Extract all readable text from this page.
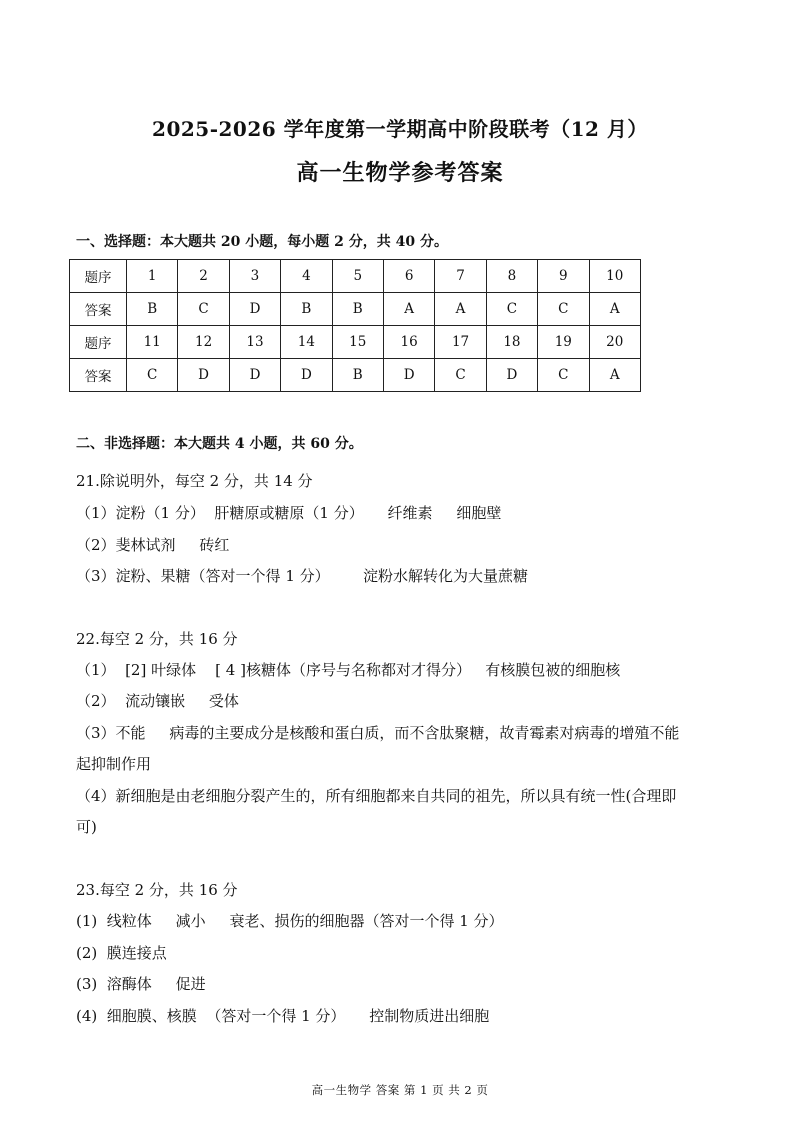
2025-2026 学年度第一学期高中阶段联考（12 月）
高一生物学参考答案
一、选择题：本大题共 20 小题，每小题 2 分，共 40 分。
题序	1	2	3	4	5	6	7	8	9	10
答案	B	C	D	B	B	A	A	C	C	A
题序	11	12	13	14	15	16	17	18	19	20
答案	C	D	D	D	B	D	C	D	C	A
二、非选择题：本大题共 4 小题，共 60 分。
21.除说明外，每空 2 分，共 14 分
（1）淀粉（1 分）  肝糖原或糖原（1 分）     纤维素     细胞壁
（2）斐林试剂     砖红
（3）淀粉、果糖（答对一个得 1 分）       淀粉水解转化为大量蔗糖
22.每空 2 分，共 16 分
（1）  [2] 叶绿体    [ 4 ]核糖体（序号与名称都对才得分）   有核膜包被的细胞核
（2）  流动镶嵌     受体
（3）不能     病毒的主要成分是核酸和蛋白质，而不含肽聚糖，故青霉素对病毒的增殖不能
起抑制作用
（4）新细胞是由老细胞分裂产生的，所有细胞都来自共同的祖先，所以具有统一性(合理即
可)
23.每空 2 分，共 16 分
(1)  线粒体     减小     衰老、损伤的细胞器（答对一个得 1 分）
(2)  膜连接点
(3)  溶酶体     促进
(4)  细胞膜、核膜  （答对一个得 1 分）     控制物质进出细胞
高一生物学 答案 第 1 页 共 2 页
